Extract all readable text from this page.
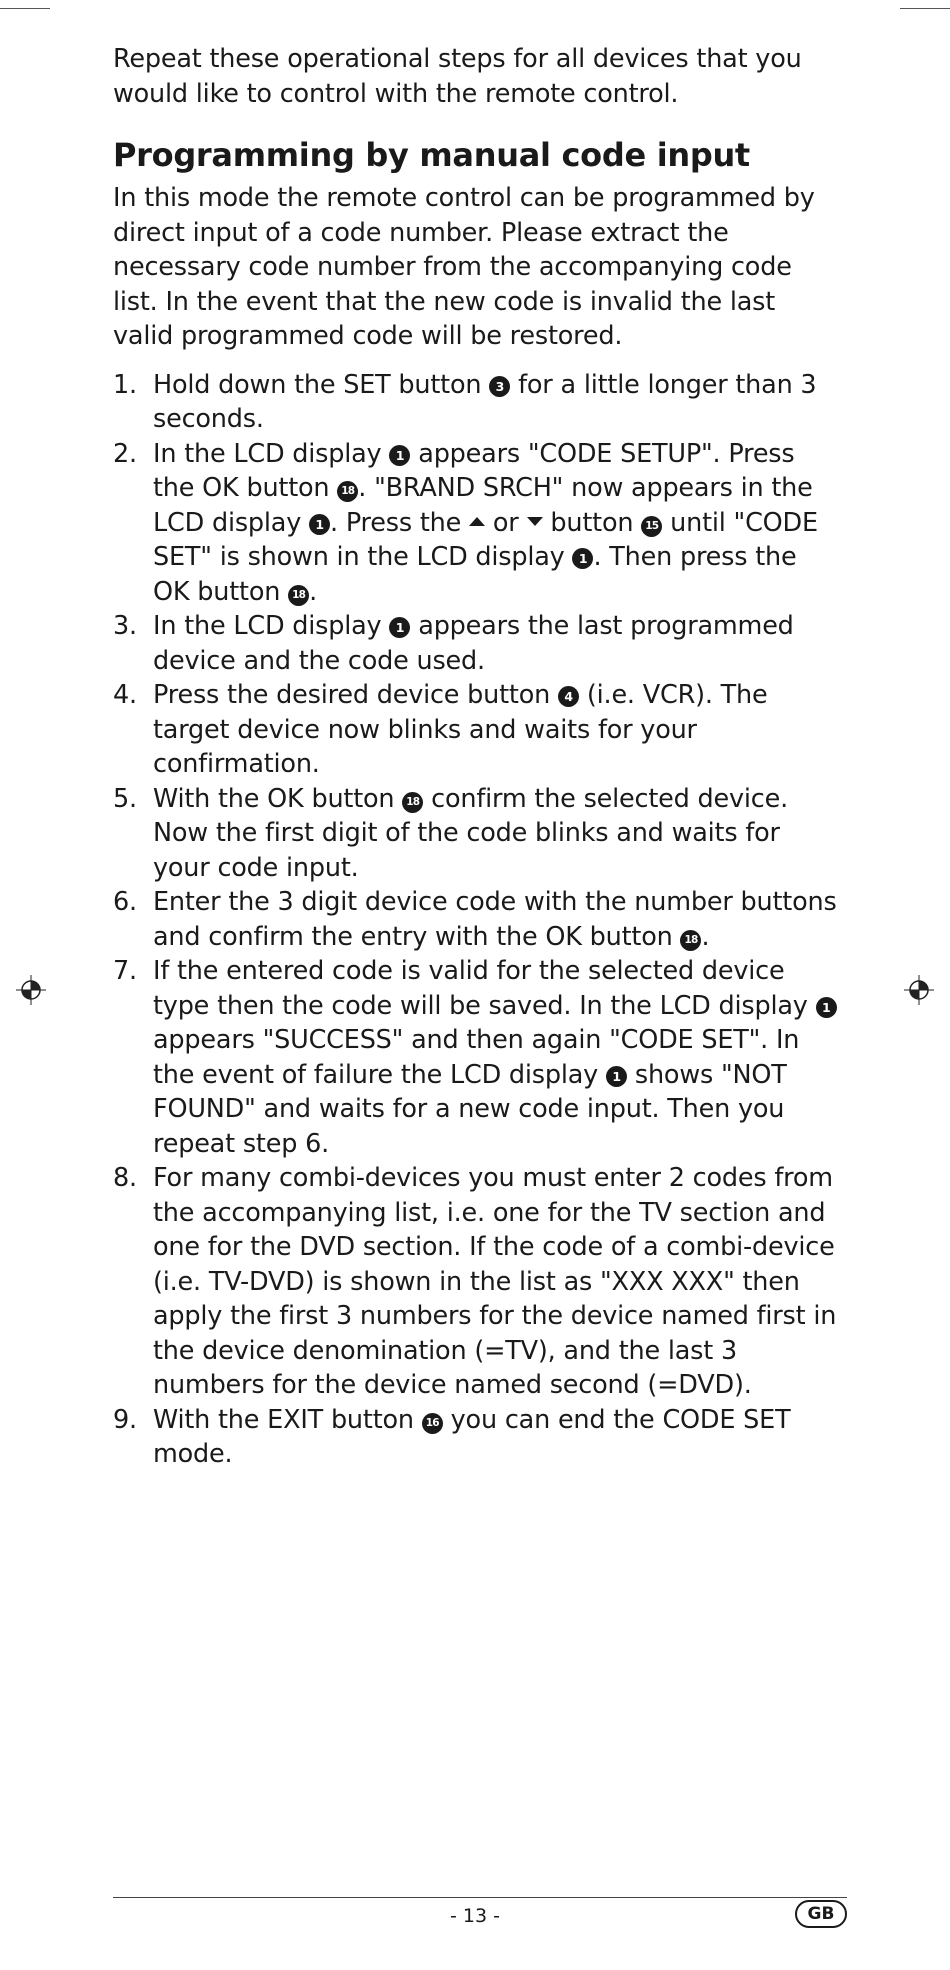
Repeat these operational steps for all devices that you would like to control with the remote control.

Programming by manual code input

In this mode the remote control can be programmed by direct input of a code number. Please extract the necessary code number from the accompanying code list. In the event that the new code is invalid the last valid programmed code will be restored.

1. Hold down the SET button 3 for a little longer than 3 seconds.
2. In the LCD display 1 appears "CODE SETUP". Press the OK button 18 . "BRAND SRCH" now appears in the LCD display 1 . Press the  or  button 15 until "CODE SET" is shown in the LCD display 1 . Then press the OK button 18 .
3. In the LCD display 1 appears the last programmed device and the code used.
4. Press the desired device button 4 (i.e. VCR). The target device now blinks and waits for your confirmation.
5. With the OK button 18 confirm the selected device. Now the first digit of the code blinks and waits for your code input.
6. Enter the 3 digit device code with the number buttons and confirm the entry with the OK button 18 .
7. If the entered code is valid for the selected device type then the code will be saved. In the LCD display 1 appears "SUCCESS" and then again "CODE SET". In the event of failure the LCD display 1 shows "NOT FOUND" and waits for a new code input. Then you repeat step 6.
8. For many combi-devices you must enter 2 codes from the accompanying list, i.e. one for the TV section and one for the DVD section. If the code of a combi-device (i.e. TV-DVD) is shown in the list as "XXX XXX" then apply the first 3 numbers for the device named first in the device denomination (=TV), and the last 3 numbers for the device named second (=DVD).
9. With the EXIT button 16 you can end the CODE SET mode.
- 13 -	GB
